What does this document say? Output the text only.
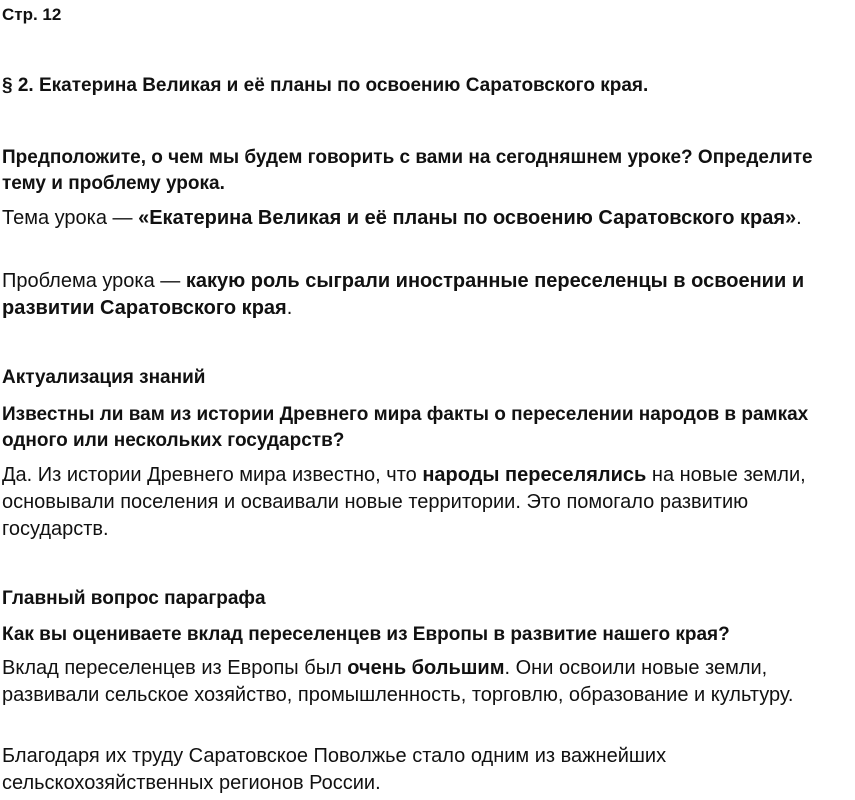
Стр. 12

§ 2. Екатерина Великая и её планы по освоению Саратовского края.

Предположите, о чем мы будем говорить с вами на сегодняшнем уроке? Определите тему и проблему урока.

Тема урока — «Екатерина Великая и её планы по освоению Саратовского края».

Проблема урока — какую роль сыграли иностранные переселенцы в освоении и развитии Саратовского края.

Актуализация знаний

Известны ли вам из истории Древнего мира факты о переселении народов в рамках одного или нескольких государств?

Да. Из истории Древнего мира известно, что народы переселялись на новые земли, основывали поселения и осваивали новые территории. Это помогало развитию государств.

Главный вопрос параграфа

Как вы оцениваете вклад переселенцев из Европы в развитие нашего края?

Вклад переселенцев из Европы был очень большим. Они освоили новые земли, развивали сельское хозяйство, промышленность, торговлю, образование и культуру.

Благодаря их труду Саратовское Поволжье стало одним из важнейших сельскохозяйственных регионов России.
